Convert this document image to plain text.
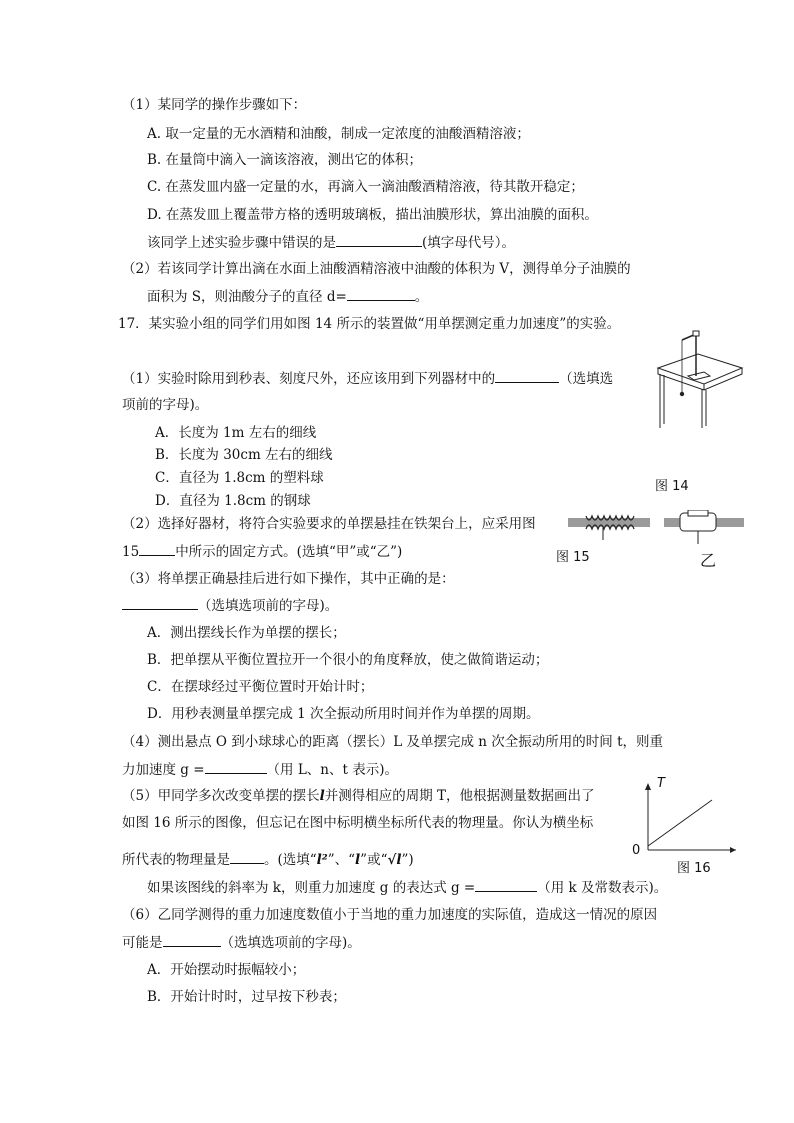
（1）某同学的操作步骤如下：
A. 取一定量的无水酒精和油酸，制成一定浓度的油酸酒精溶液；
B. 在量筒中滴入一滴该溶液，测出它的体积；
C. 在蒸发皿内盛一定量的水，再滴入一滴油酸酒精溶液，待其散开稳定；
D. 在蒸发皿上覆盖带方格的透明玻璃板，描出油膜形状，算出油膜的面积。
该同学上述实验步骤中错误的是	(填字母代号）。
（2）若该同学计算出滴在水面上油酸酒精溶液中油酸的体积为 V，测得单分子油膜的
面积为 S，则油酸分子的直径 d=	。
17．某实验小组的同学们用如图 14 所示的装置做“用单摆测定重力加速度”的实验。
（1）实验时除用到秒表、刻度尺外，还应该用到下列器材中的	（选填选
项前的字母)。
A．长度为 1m 左右的细线
B．长度为 30cm 左右的细线
C．直径为 1.8cm 的塑料球
D．直径为 1.8cm 的钢球
（2）选择好器材，将符合实验要求的单摆悬挂在铁架台上，应采用图
15	中所示的固定方式。(选填“甲”或“乙”)
（3）将单摆正确悬挂后进行如下操作，其中正确的是：
（选填选项前的字母)。
A．测出摆线长作为单摆的摆长；
B．把单摆从平衡位置拉开一个很小的角度释放，使之做简谐运动；
C．在摆球经过平衡位置时开始计时；
D．用秒表测量单摆完成 1 次全振动所用时间并作为单摆的周期。
（4）测出悬点 O 到小球球心的距离（摆长）L 及单摆完成 n 次全振动所用的时间 t，则重
力加速度 g =	（用 L、n、t 表示)。
（5）甲同学多次改变单摆的摆长l并测得相应的周期 T，他根据测量数据画出了
如图 16 所示的图像，但忘记在图中标明横坐标所代表的物理量。你认为横坐标
所代表的物理量是	。(选填“l²”、“l”或“√l”)
如果该图线的斜率为 k，则重力加速度 g 的表达式 g =	（用 k 及常数表示)。
（6）乙同学测得的重力加速度数值小于当地的重力加速度的实际值，造成这一情况的原因
可能是	（选填选项前的字母)。
A．开始摆动时振幅较小；
B．开始计时时，过早按下秒表；
图 14
图 15	乙
T
0
图 16
